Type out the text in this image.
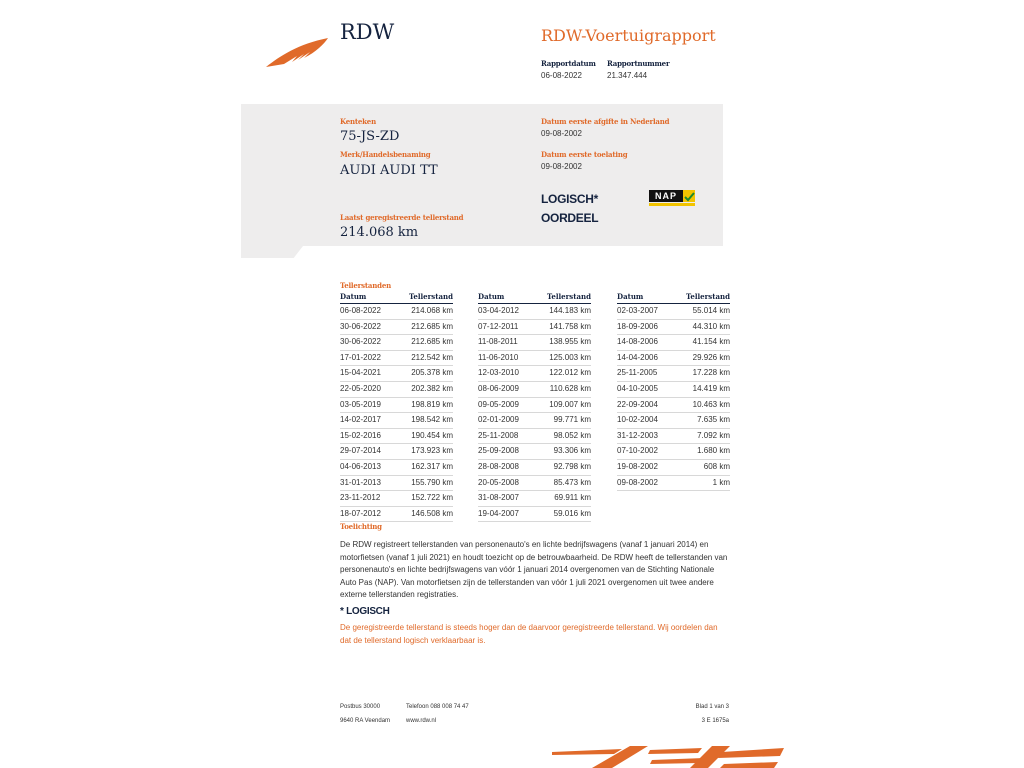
RDW	RDW-Voertuigrapport
Rapportdatum
06-08-2022
Rapportnummer
21.347.444
Kenteken
75-JS-ZD
Merk/Handelsbenaming
AUDI AUDI TT
Laatst geregistreerde tellerstand
214.068 km
Datum eerste afgifte in Nederland
09-08-2002
Datum eerste toelating
09-08-2002
LOGISCH*
OORDEEL
NAP
Tellerstanden
Datum	Tellerstand
06-08-2022	214.068 km
30-06-2022	212.685 km
30-06-2022	212.685 km
17-01-2022	212.542 km
15-04-2021	205.378 km
22-05-2020	202.382 km
03-05-2019	198.819 km
14-02-2017	198.542 km
15-02-2016	190.454 km
29-07-2014	173.923 km
04-06-2013	162.317 km
31-01-2013	155.790 km
23-11-2012	152.722 km
18-07-2012	146.508 km
Datum	Tellerstand
03-04-2012	144.183 km
07-12-2011	141.758 km
11-08-2011	138.955 km
11-06-2010	125.003 km
12-03-2010	122.012 km
08-06-2009	110.628 km
09-05-2009	109.007 km
02-01-2009	99.771 km
25-11-2008	98.052 km
25-09-2008	93.306 km
28-08-2008	92.798 km
20-05-2008	85.473 km
31-08-2007	69.911 km
19-04-2007	59.016 km
Datum	Tellerstand
02-03-2007	55.014 km
18-09-2006	44.310 km
14-08-2006	41.154 km
14-04-2006	29.926 km
25-11-2005	17.228 km
04-10-2005	14.419 km
22-09-2004	10.463 km
10-02-2004	7.635 km
31-12-2003	7.092 km
07-10-2002	1.680 km
19-08-2002	608 km
09-08-2002	1 km
Toelichting
De RDW registreert tellerstanden van personenauto's en lichte bedrijfswagens (vanaf 1 januari 2014) en motorfietsen (vanaf 1 juli 2021) en houdt toezicht op de betrouwbaarheid. De RDW heeft de tellerstanden van personenauto's en lichte bedrijfswagens van vóór 1 januari 2014 overgenomen van de Stichting Nationale Auto Pas (NAP). Van motorfietsen zijn de tellerstanden van vóór 1 juli 2021 overgenomen uit twee andere externe tellerstanden registraties.
* LOGISCH
De geregistreerde tellerstand is steeds hoger dan de daarvoor geregistreerde tellerstand. Wij oordelen dan dat de tellerstand logisch verklaarbaar is.
Postbus 30000
9640 RA Veendam
Telefoon 088 008 74 47
www.rdw.nl
Blad 1 van 3
3 E 1675a
